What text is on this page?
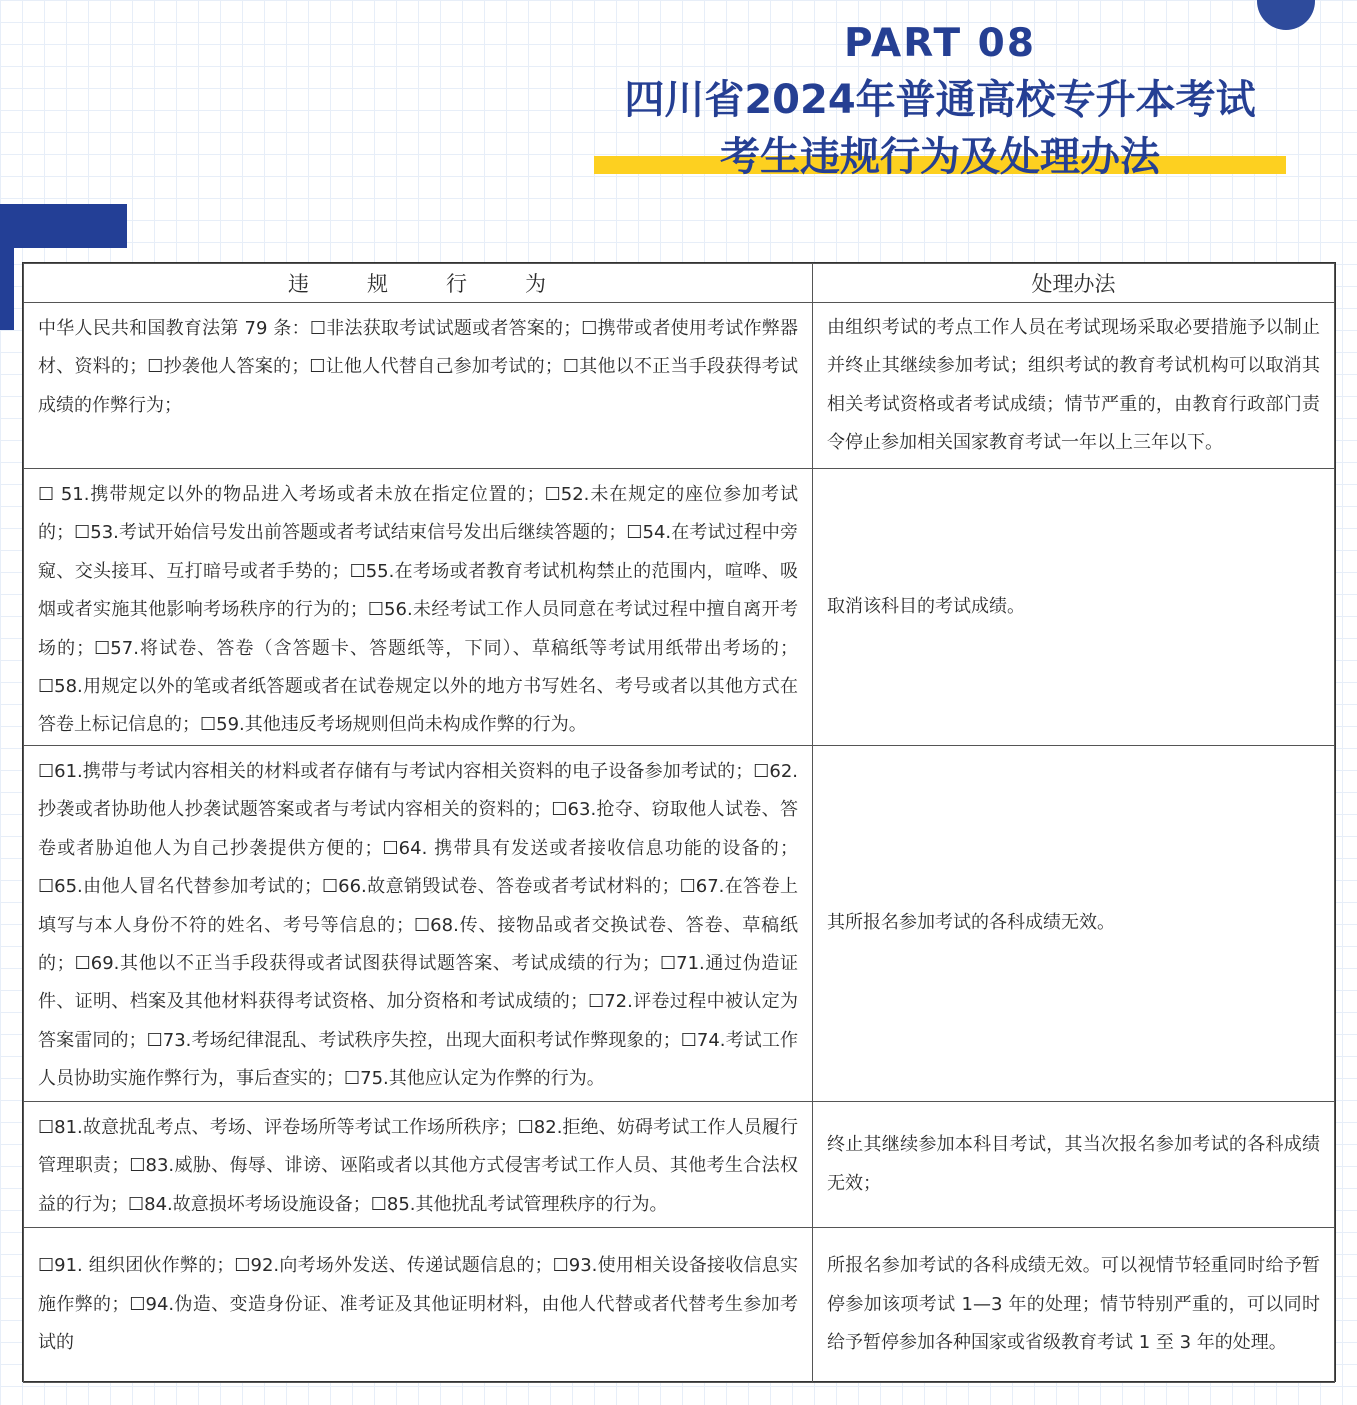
PART 08
四川省2024年普通高校专升本考试
考生违规行为及处理办法
违 规 行 为	处理办法
中华人民共和国教育法第 79 条：☐非法获取考试试题或者答案的；☐携带或者使用考试作弊器材、资料的；☐抄袭他人答案的；☐让他人代替自己参加考试的；☐其他以不正当手段获得考试成绩的作弊行为；	由组织考试的考点工作人员在考试现场采取必要措施予以制止并终止其继续参加考试；组织考试的教育考试机构可以取消其相关考试资格或者考试成绩；情节严重的，由教育行政部门责令停止参加相关国家教育考试一年以上三年以下。
☐ 51.携带规定以外的物品进入考场或者未放在指定位置的；☐52.未在规定的座位参加考试的；☐53.考试开始信号发出前答题或者考试结束信号发出后继续答题的；☐54.在考试过程中旁窥、交头接耳、互打暗号或者手势的；☐55.在考场或者教育考试机构禁止的范围内，喧哗、吸烟或者实施其他影响考场秩序的行为的；☐56.未经考试工作人员同意在考试过程中擅自离开考场的；☐57.将试卷、答卷（含答题卡、答题纸等，下同）、草稿纸等考试用纸带出考场的；☐58.用规定以外的笔或者纸答题或者在试卷规定以外的地方书写姓名、考号或者以其他方式在答卷上标记信息的；☐59.其他违反考场规则但尚未构成作弊的行为。	取消该科目的考试成绩。
☐61.携带与考试内容相关的材料或者存储有与考试内容相关资料的电子设备参加考试的；☐62.抄袭或者协助他人抄袭试题答案或者与考试内容相关的资料的；☐63.抢夺、窃取他人试卷、答卷或者胁迫他人为自己抄袭提供方便的；☐64. 携带具有发送或者接收信息功能的设备的；☐65.由他人冒名代替参加考试的；☐66.故意销毁试卷、答卷或者考试材料的；☐67.在答卷上填写与本人身份不符的姓名、考号等信息的；☐68.传、接物品或者交换试卷、答卷、草稿纸的；☐69.其他以不正当手段获得或者试图获得试题答案、考试成绩的行为；☐71.通过伪造证件、证明、档案及其他材料获得考试资格、加分资格和考试成绩的；☐72.评卷过程中被认定为答案雷同的；☐73.考场纪律混乱、考试秩序失控，出现大面积考试作弊现象的；☐74.考试工作人员协助实施作弊行为，事后查实的；☐75.其他应认定为作弊的行为。	其所报名参加考试的各科成绩无效。
☐81.故意扰乱考点、考场、评卷场所等考试工作场所秩序；☐82.拒绝、妨碍考试工作人员履行管理职责；☐83.威胁、侮辱、诽谤、诬陷或者以其他方式侵害考试工作人员、其他考生合法权益的行为；☐84.故意损坏考场设施设备；☐85.其他扰乱考试管理秩序的行为。	终止其继续参加本科目考试，其当次报名参加考试的各科成绩无效；
☐91. 组织团伙作弊的；☐92.向考场外发送、传递试题信息的；☐93.使用相关设备接收信息实施作弊的；☐94.伪造、变造身份证、准考证及其他证明材料，由他人代替或者代替考生参加考试的	所报名参加考试的各科成绩无效。可以视情节轻重同时给予暂停参加该项考试 1—3 年的处理；情节特别严重的，可以同时给予暂停参加各种国家或省级教育考试 1 至 3 年的处理。
